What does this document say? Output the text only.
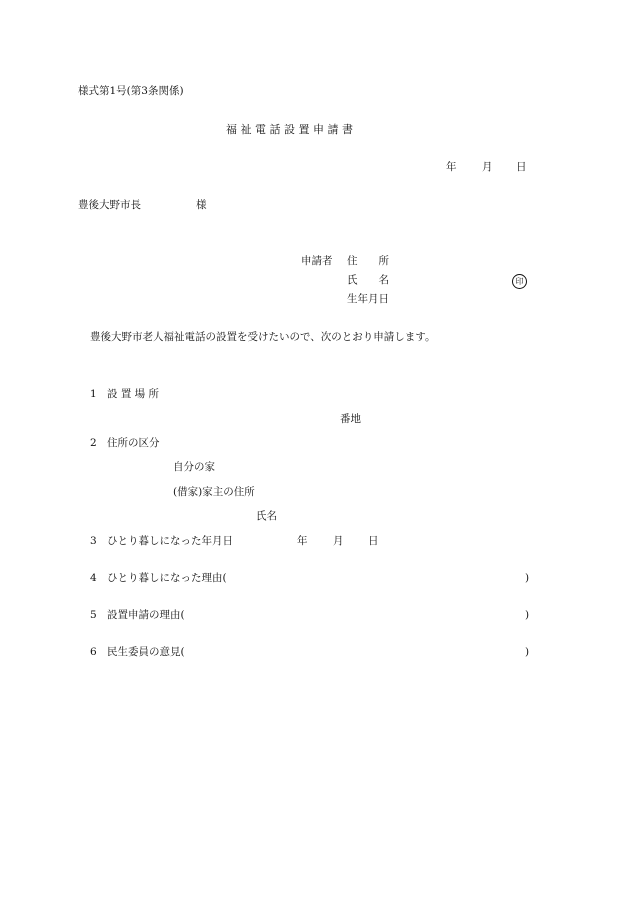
様式第1号(第3条関係)
福 祉 電 話 設 置 申 請 書
年 月 日
豊後大野市長	様
申請者 住　　所
氏　　名	印
生年月日
豊後大野市老人福祉電話の設置を受けたいので、次のとおり申請します。
1 設 置 場 所
番地
2 住所の区分
自分の家
(借家)家主の住所
氏名
3 ひとり暮しになった年月日	年 月 日
4 ひとり暮しになった理由(	)
5 設置申請の理由(	)
6 民生委員の意見(	)
